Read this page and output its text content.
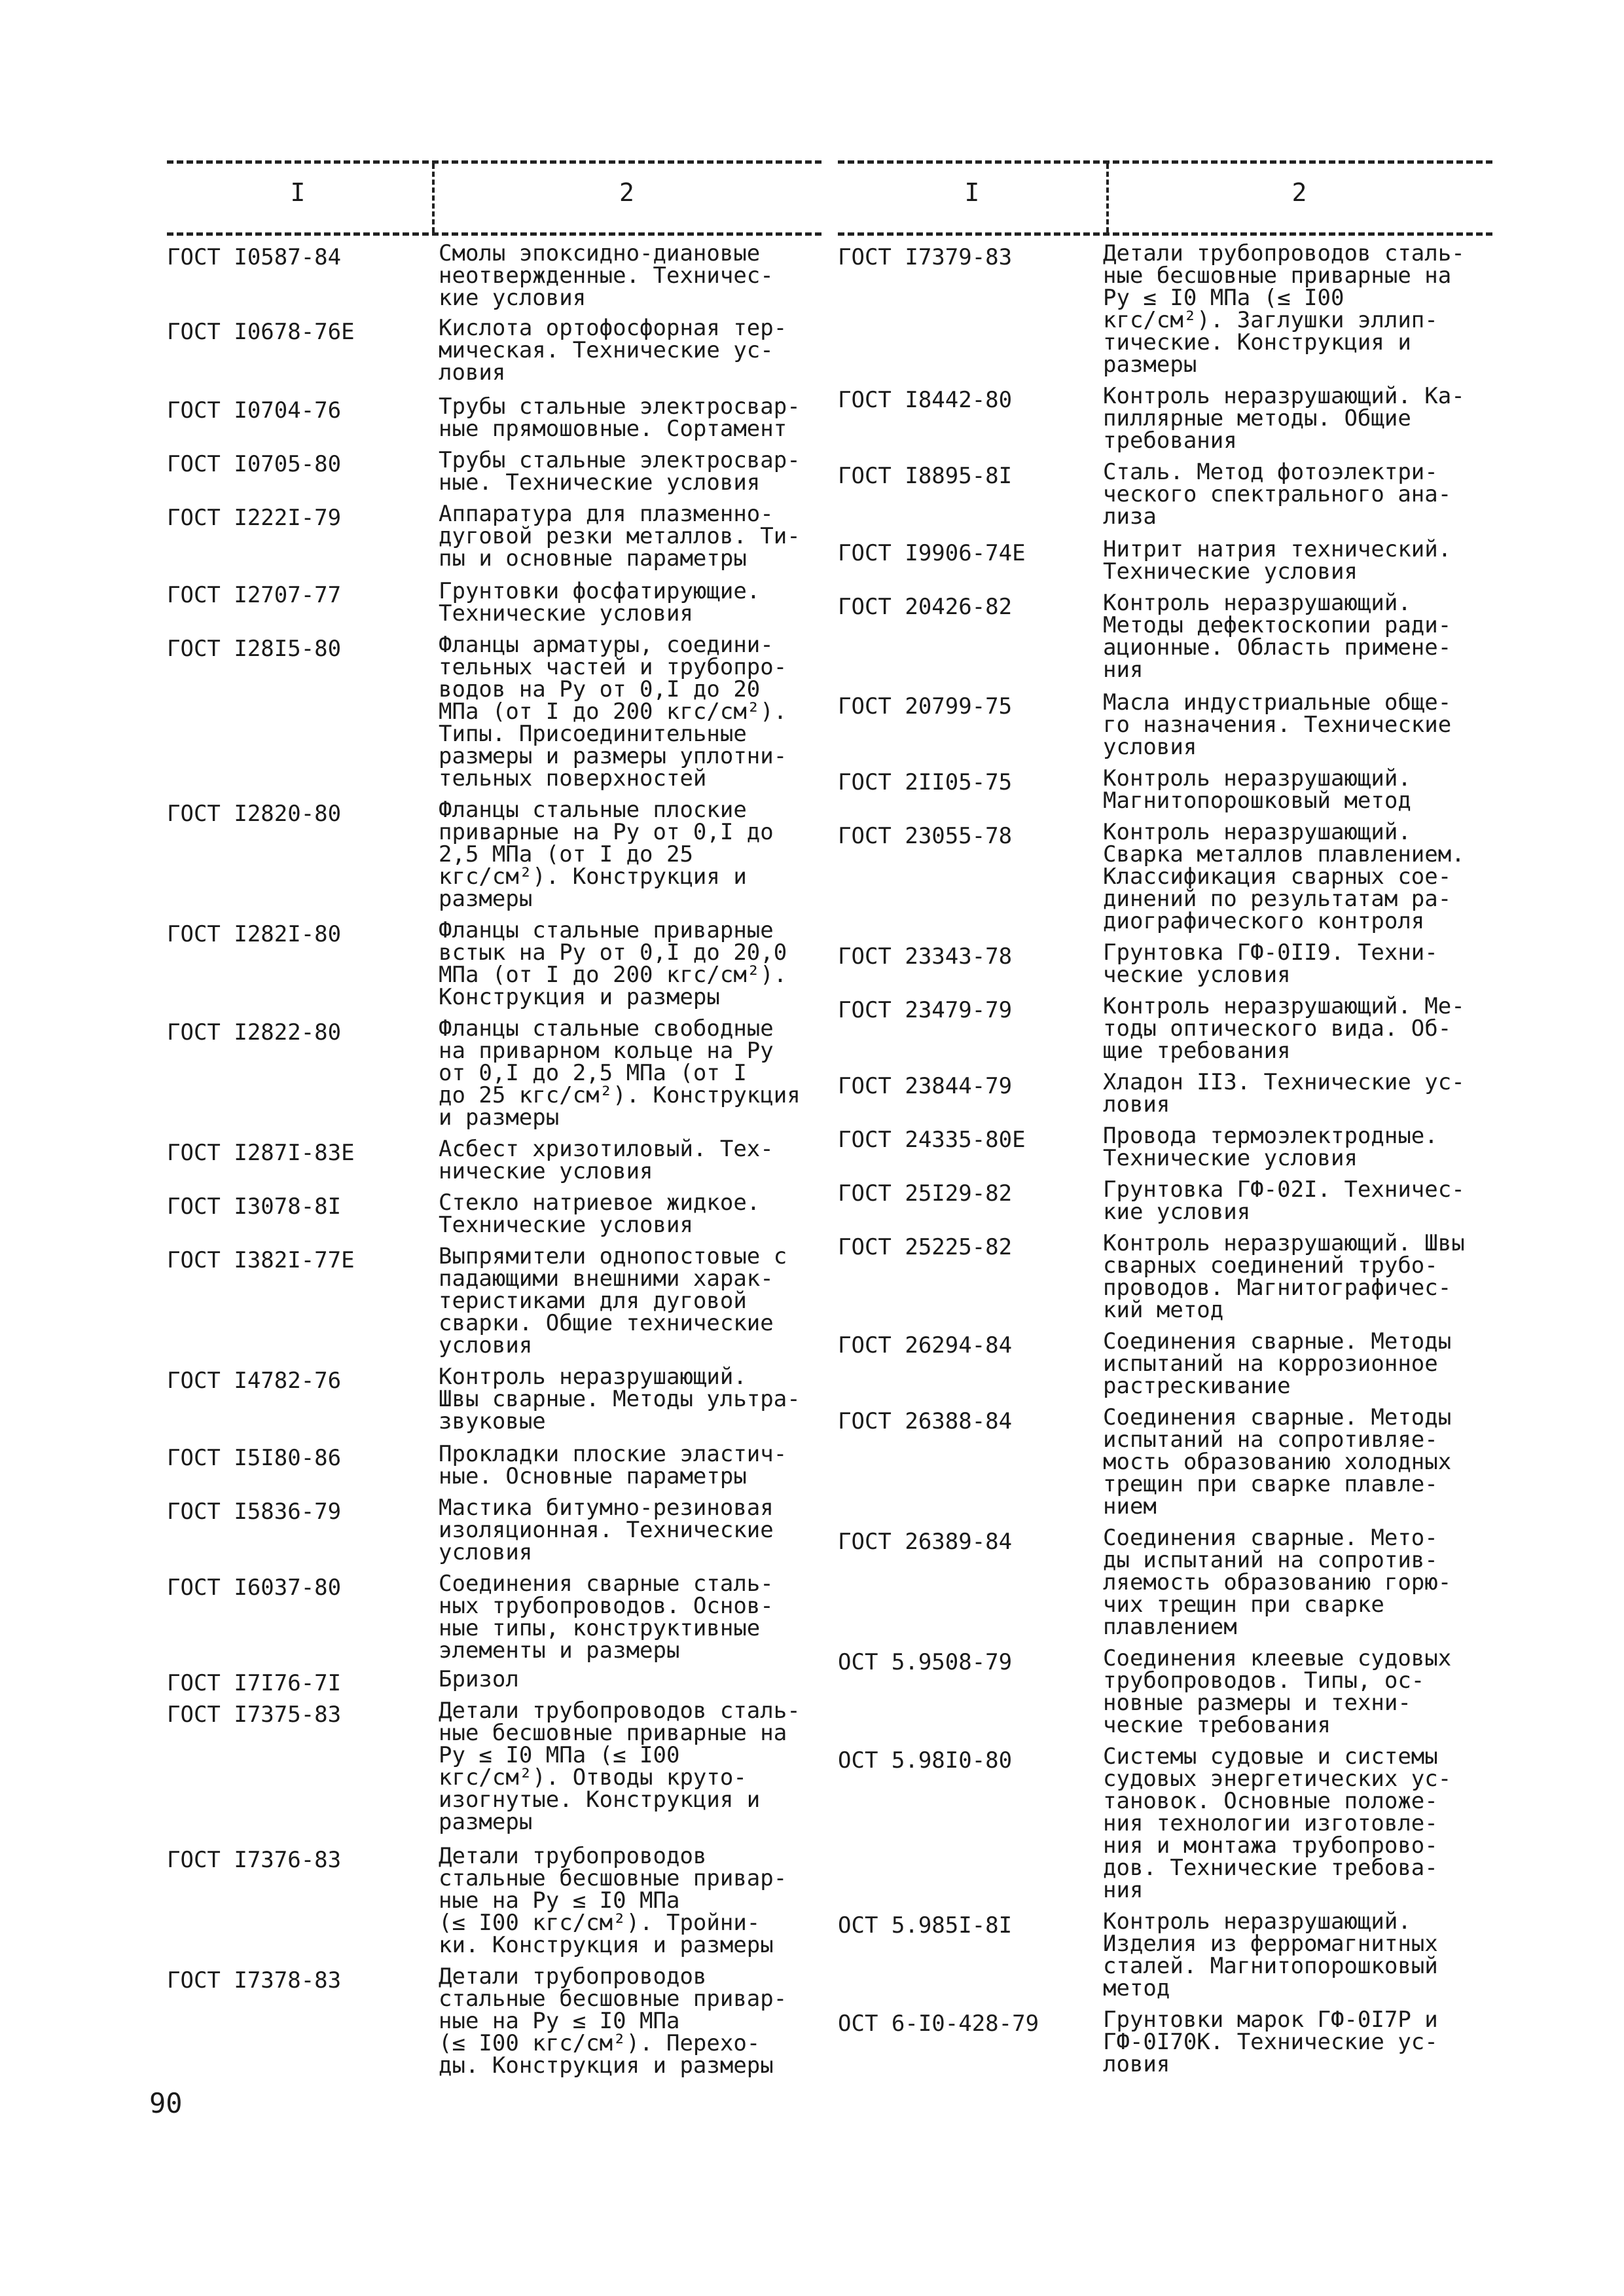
I	2
ГОСТ I0587-84	Смолы эпоксидно-диановые
неотвержденные. Техничес-
кие условия
ГОСТ I0678-76Е	Кислота ортофосфорная тер-
мическая. Технические ус-
ловия
ГОСТ I0704-76	Трубы стальные электросвар-
ные прямошовные. Сортамент
ГОСТ I0705-80	Трубы стальные электросвар-
ные. Технические условия
ГОСТ I222I-79	Аппаратура для плазменно-
дуговой резки металлов. Ти-
пы и основные параметры
ГОСТ I2707-77	Грунтовки фосфатирующие.
Технические условия
ГОСТ I28I5-80	Фланцы арматуры, соедини-
тельных частей и трубопро-
водов на Pу от 0,I до 20
МПа (от I до 200 кгс/см²).
Типы. Присоединительные
размеры и размеры уплотни-
тельных поверхностей
ГОСТ I2820-80	Фланцы стальные плоские
приварные на Pу от 0,I до
2,5 МПа (от I до 25
кгс/см²). Конструкция и
размеры
ГОСТ I282I-80	Фланцы стальные приварные
встык на Pу от 0,I до 20,0
МПа (от I до 200 кгс/см²).
Конструкция и размеры
ГОСТ I2822-80	Фланцы стальные свободные
на приварном кольце на Pу
от 0,I до 2,5 МПа (от I
до 25 кгс/см²). Конструкция
и размеры
ГОСТ I287I-83Е	Асбест хризотиловый. Тех-
нические условия
ГОСТ I3078-8I	Стекло натриевое жидкое.
Технические условия
ГОСТ I382I-77Е	Выпрямители однопостовые с
падающими внешними харак-
теристиками для дуговой
сварки. Общие технические
условия
ГОСТ I4782-76	Контроль неразрушающий.
Швы сварные. Методы ультра-
звуковые
ГОСТ I5I80-86	Прокладки плоские эластич-
ные. Основные параметры
ГОСТ I5836-79	Мастика битумно-резиновая
изоляционная. Технические
условия
ГОСТ I6037-80	Соединения сварные сталь-
ных трубопроводов. Основ-
ные типы, конструктивные
элементы и размеры
ГОСТ I7I76-7I	Бризол
ГОСТ I7375-83	Детали трубопроводов сталь-
ные бесшовные приварные на
Pу ≤ I0 МПа (≤ I00
кгс/см²). Отводы круто-
изогнутые. Конструкция и
размеры
ГОСТ I7376-83	Детали трубопроводов
стальные бесшовные привар-
ные на Pу ≤ I0 МПа
(≤ I00 кгс/см²). Тройни-
ки. Конструкция и размеры
ГОСТ I7378-83	Детали трубопроводов
стальные бесшовные привар-
ные на Pу ≤ I0 МПа
(≤ I00 кгс/см²). Перехо-
ды. Конструкция и размеры
I	2
ГОСТ I7379-83	Детали трубопроводов сталь-
ные бесшовные приварные на
Pу ≤ I0 МПа (≤ I00
кгс/см²). Заглушки эллип-
тические. Конструкция и
размеры
ГОСТ I8442-80	Контроль неразрушающий. Ка-
пиллярные методы. Общие
требования
ГОСТ I8895-8I	Сталь. Метод фотоэлектри-
ческого спектрального ана-
лиза
ГОСТ I9906-74Е	Нитрит натрия технический.
Технические условия
ГОСТ 20426-82	Контроль неразрушающий.
Методы дефектоскопии ради-
ационные. Область примене-
ния
ГОСТ 20799-75	Масла индустриальные обще-
го назначения. Технические
условия
ГОСТ 2II05-75	Контроль неразрушающий.
Магнитопорошковый метод
ГОСТ 23055-78	Контроль неразрушающий.
Сварка металлов плавлением.
Классификация сварных сое-
динений по результатам ра-
диографического контроля
ГОСТ 23343-78	Грунтовка ГФ-0II9. Техни-
ческие условия
ГОСТ 23479-79	Контроль неразрушающий. Ме-
тоды оптического вида. Об-
щие требования
ГОСТ 23844-79	Хладон II3. Технические ус-
ловия
ГОСТ 24335-80Е	Провода термоэлектродные.
Технические условия
ГОСТ 25I29-82	Грунтовка ГФ-02I. Техничес-
кие условия
ГОСТ 25225-82	Контроль неразрушающий. Швы
сварных соединений трубо-
проводов. Магнитографичес-
кий метод
ГОСТ 26294-84	Соединения сварные. Методы
испытаний на коррозионное
растрескивание
ГОСТ 26388-84	Соединения сварные. Методы
испытаний на сопротивляе-
мость образованию холодных
трещин при сварке плавле-
нием
ГОСТ 26389-84	Соединения сварные. Мето-
ды испытаний на сопротив-
ляемость образованию горю-
чих трещин при сварке
плавлением
ОСТ 5.9508-79	Соединения клеевые судовых
трубопроводов. Типы, ос-
новные размеры и техни-
ческие требования
ОСТ 5.98I0-80	Системы судовые и системы
судовых энергетических ус-
тановок. Основные положе-
ния технологии изготовле-
ния и монтажа трубопрово-
дов. Технические требова-
ния
ОСТ 5.985I-8I	Контроль неразрушающий.
Изделия из ферромагнитных
сталей. Магнитопорошковый
метод
ОСТ 6-I0-428-79	Грунтовки марок ГФ-0I7Р и
ГФ-0I70К. Технические ус-
ловия
90
